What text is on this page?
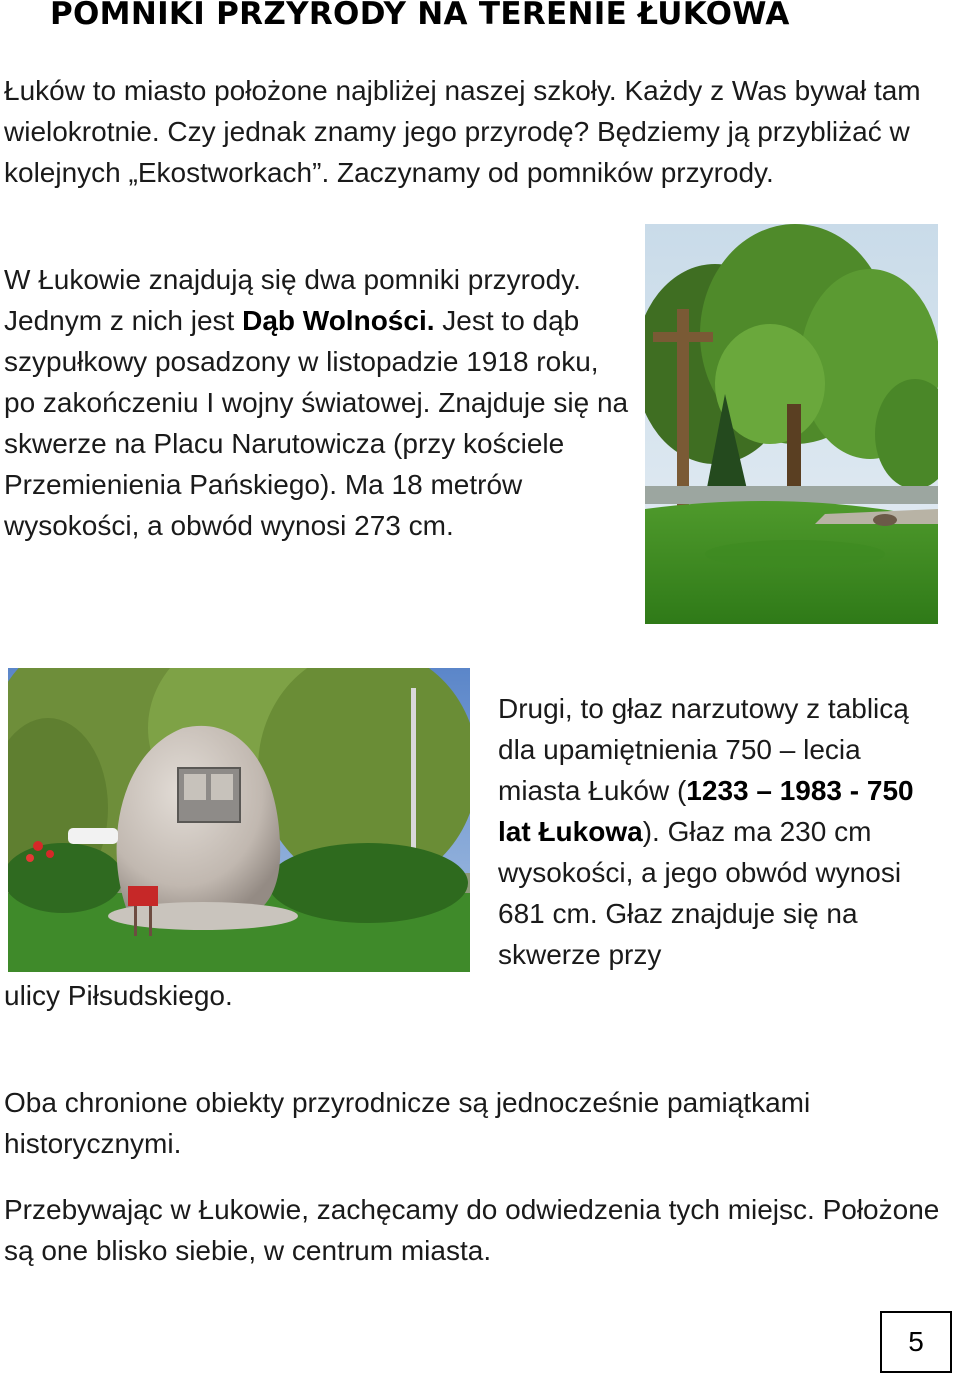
POMNIKI PRZYRODY NA TERENIE ŁUKOWA

Łuków to miasto położone najbliżej naszej szkoły. Każdy z Was bywał tam wielokrotnie. Czy jednak znamy jego przyrodę? Będziemy ją przybliżać w kolejnych „Ekostworkach”. Zaczynamy od pomników przyrody.

W Łukowie znajdują się dwa pomniki przyrody. Jednym z nich jest Dąb Wolności. Jest to dąb szypułkowy posadzony w listopadzie 1918 roku, po zakończeniu I wojny światowej. Znajduje się na skwerze na Placu Narutowicza (przy kościele Przemienienia Pańskiego). Ma 18 metrów wysokości, a obwód wynosi 273 cm.

Drugi, to głaz narzutowy z tablicą dla upamiętnienia 750 – lecia miasta Łuków (1233 – 1983 - 750 lat Łukowa). Głaz ma 230 cm wysokości, a jego obwód wynosi 681 cm. Głaz znajduje się na skwerze przy

ulicy Piłsudskiego.

Oba chronione obiekty przyrodnicze są jednocześnie pamiątkami historycznymi.

Przebywając w Łukowie, zachęcamy do odwiedzenia tych miejsc. Położone są one blisko siebie, w centrum miasta.

5
